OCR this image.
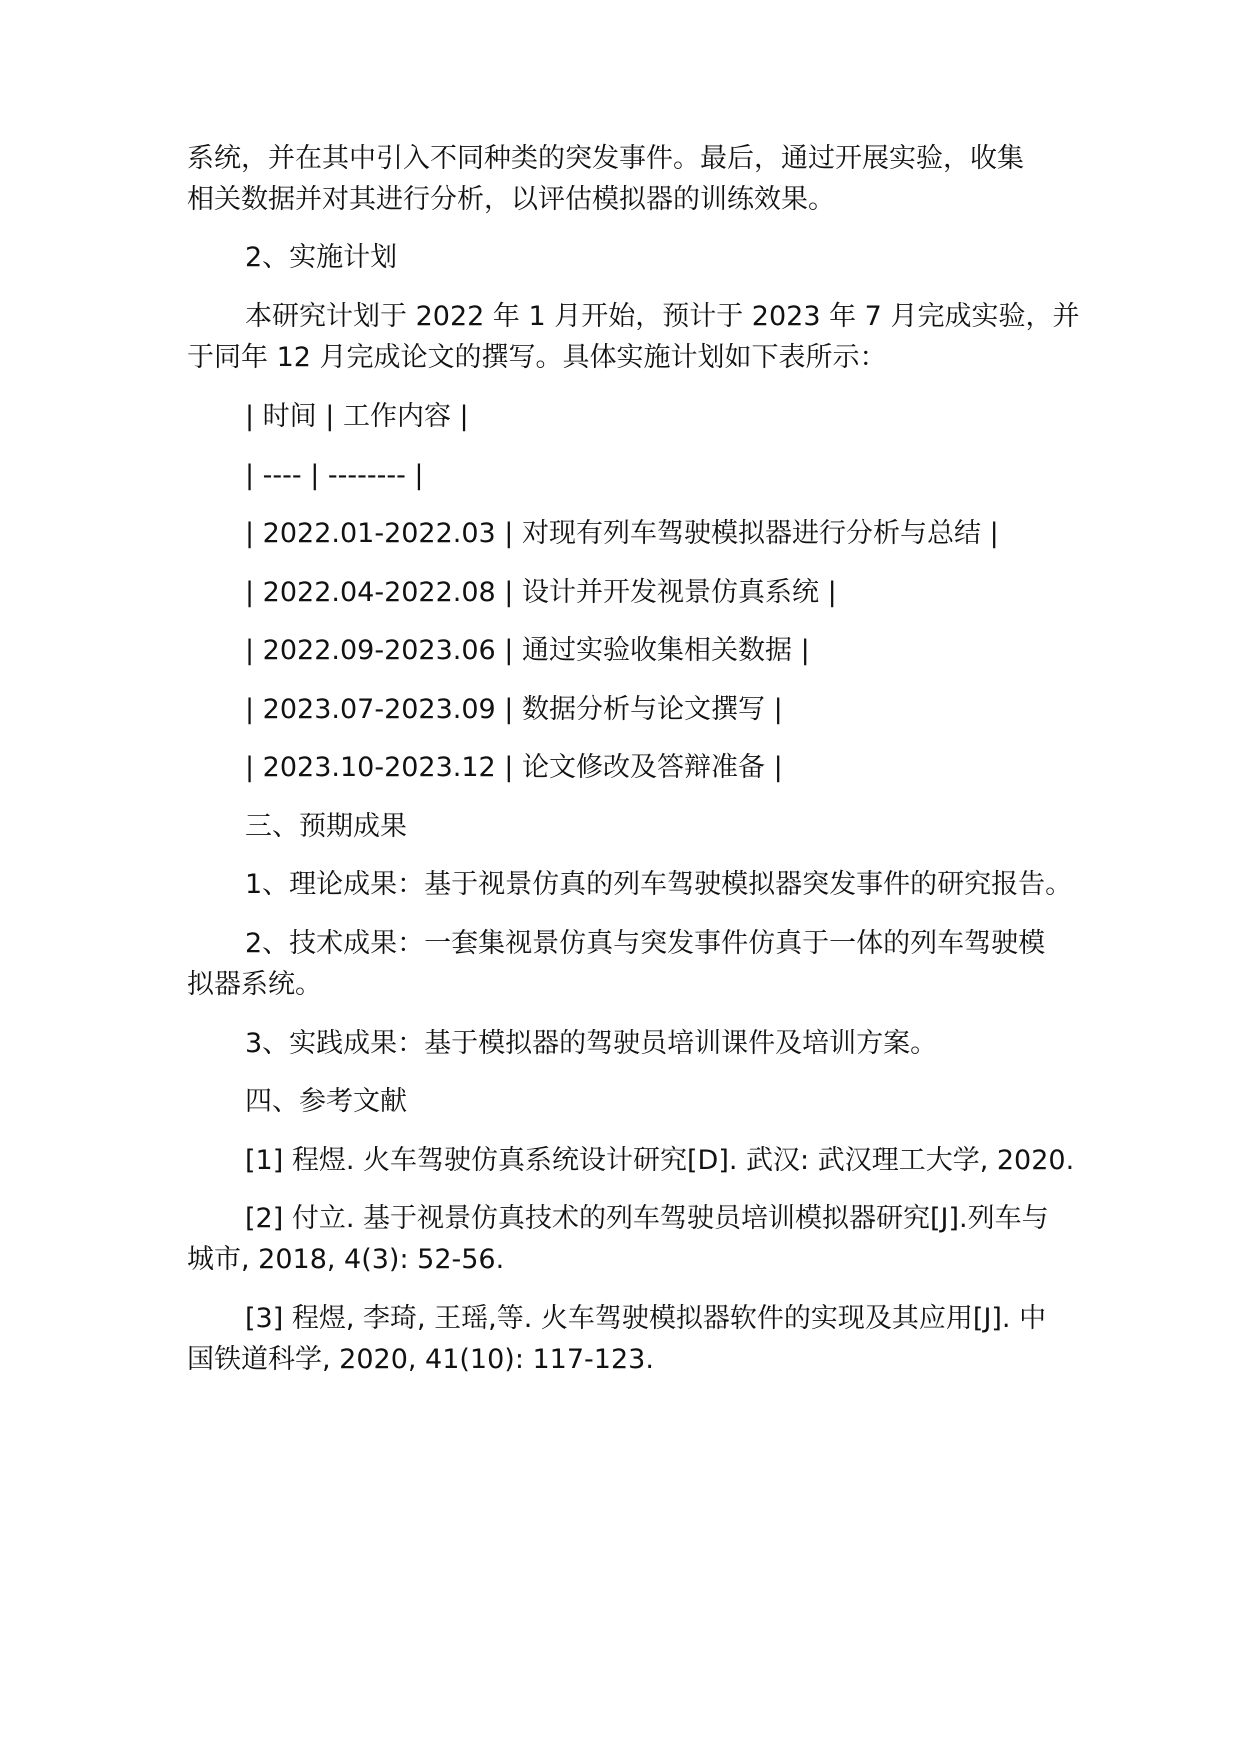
系统，并在其中引入不同种类的突发事件。最后，通过开展实验，收集
相关数据并对其进行分析，以评估模拟器的训练效果。
2、实施计划
本研究计划于 2022 年 1 月开始，预计于 2023 年 7 月完成实验，并
于同年 12 月完成论文的撰写。具体实施计划如下表所示：
| 时间 | 工作内容 |
| ---- | -------- |
| 2022.01-2022.03 | 对现有列车驾驶模拟器进行分析与总结 |
| 2022.04-2022.08 | 设计并开发视景仿真系统 |
| 2022.09-2023.06 | 通过实验收集相关数据 |
| 2023.07-2023.09 | 数据分析与论文撰写 |
| 2023.10-2023.12 | 论文修改及答辩准备 |
三、预期成果
1、理论成果：基于视景仿真的列车驾驶模拟器突发事件的研究报告。
2、技术成果：一套集视景仿真与突发事件仿真于一体的列车驾驶模
拟器系统。
3、实践成果：基于模拟器的驾驶员培训课件及培训方案。
四、参考文献
[1] 程煜. 火车驾驶仿真系统设计研究[D]. 武汉: 武汉理工大学, 2020.
[2] 付立. 基于视景仿真技术的列车驾驶员培训模拟器研究[J].列车与
城市, 2018, 4(3): 52-56.
[3] 程煜, 李琦, 王瑶,等. 火车驾驶模拟器软件的实现及其应用[J]. 中
国铁道科学, 2020, 41(10): 117-123.
